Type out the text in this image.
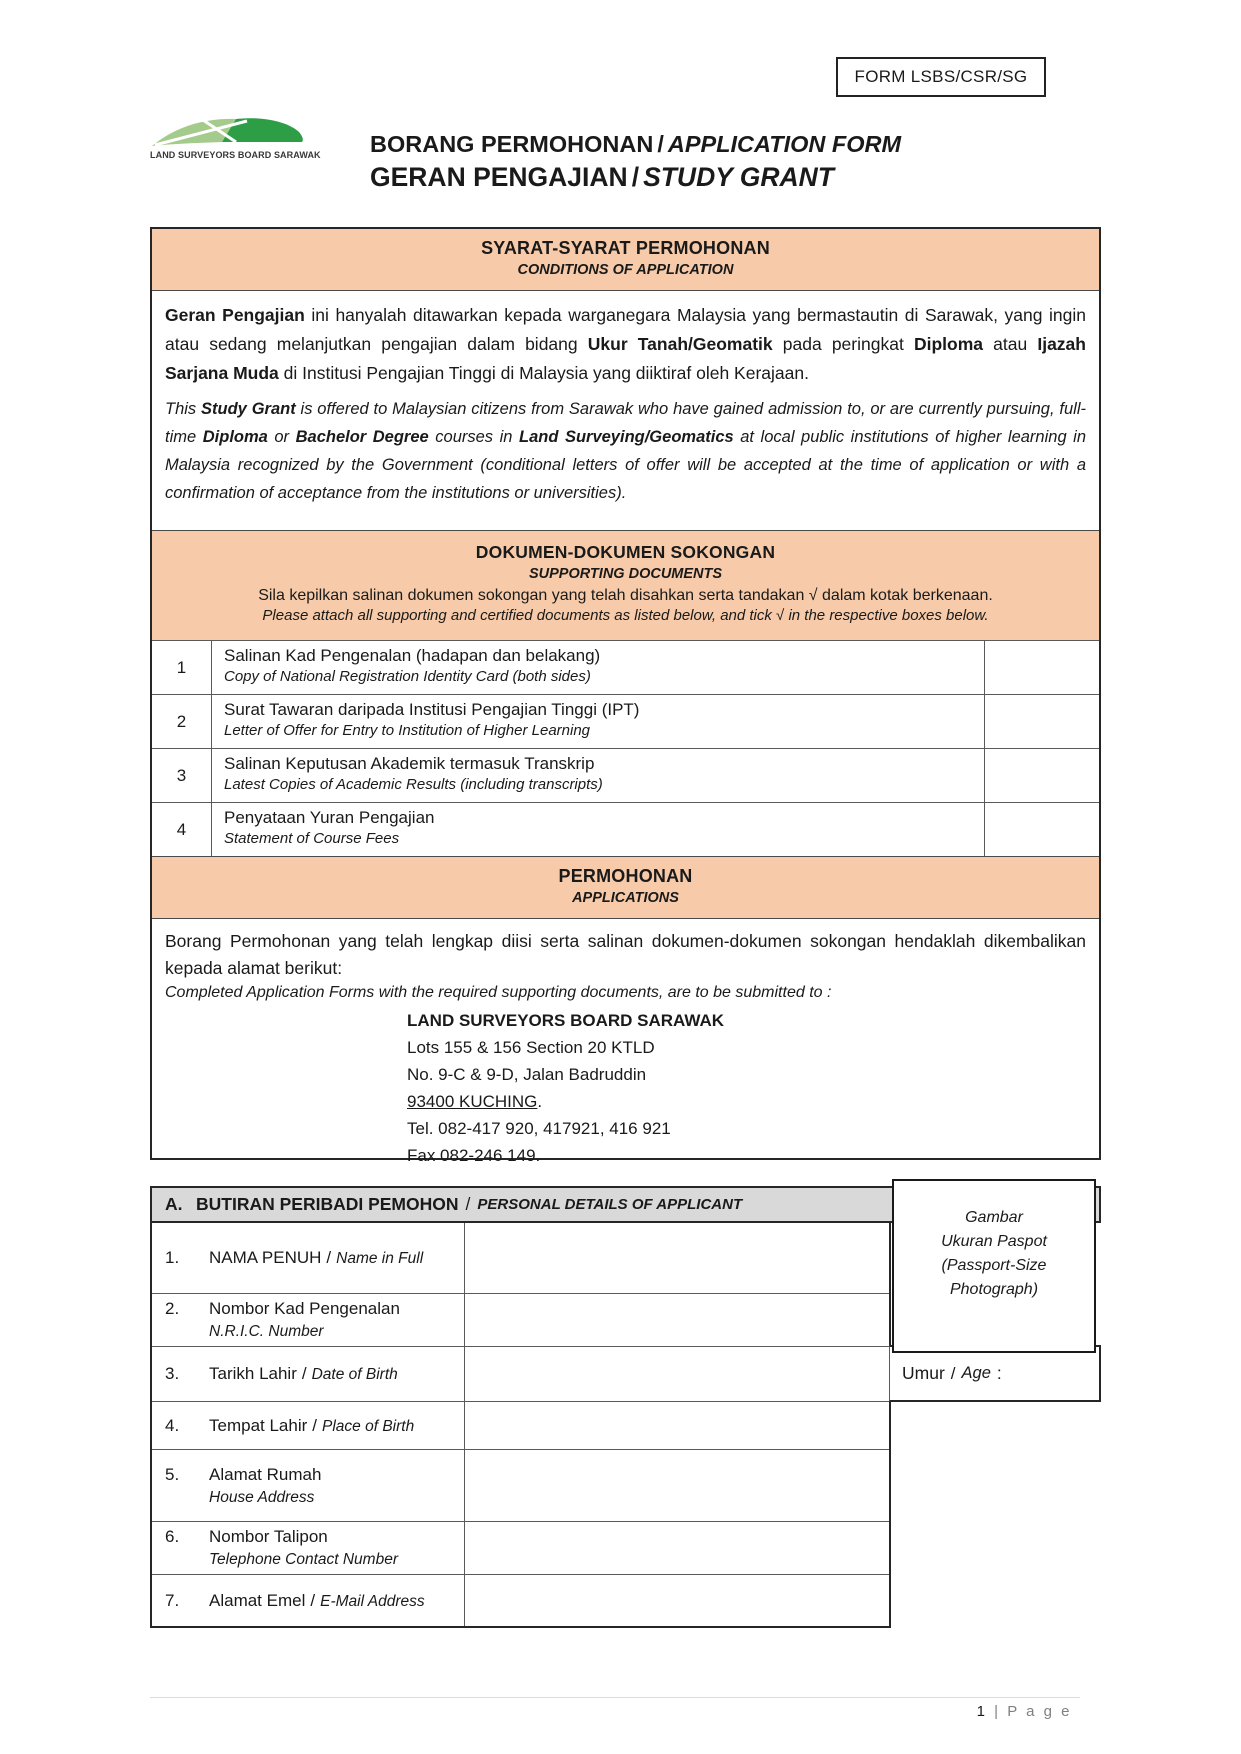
FORM LSBS/CSR/SG
LAND SURVEYORS BOARD SARAWAK BORANG PERMOHONAN / APPLICATION FORM
GERAN PENGAJIAN / STUDY GRANT
SYARAT-SYARAT PERMOHONAN
CONDITIONS OF APPLICATION

Geran Pengajian ini hanyalah ditawarkan kepada warganegara Malaysia yang bermastautin di Sarawak, yang ingin atau sedang melanjutkan pengajian dalam bidang Ukur Tanah/Geomatik pada peringkat Diploma atau Ijazah Sarjana Muda di Institusi Pengajian Tinggi di Malaysia yang diiktiraf oleh Kerajaan.

This Study Grant is offered to Malaysian citizens from Sarawak who have gained admission to, or are currently pursuing, full-time Diploma or Bachelor Degree courses in Land Surveying/Geomatics at local public institutions of higher learning in Malaysia recognized by the Government (conditional letters of offer will be accepted at the time of application or with a confirmation of acceptance from the institutions or universities).

DOKUMEN-DOKUMEN SOKONGAN
SUPPORTING DOCUMENTS
Sila kepilkan salinan dokumen sokongan yang telah disahkan serta tandakan √ dalam kotak berkenaan.
Please attach all supporting and certified documents as listed below, and tick √ in the respective boxes below.
1
Salinan Kad Pengenalan (hadapan dan belakang)
Copy of National Registration Identity Card (both sides)
2
Surat Tawaran daripada Institusi Pengajian Tinggi (IPT)
Letter of Offer for Entry to Institution of Higher Learning
3
Salinan Keputusan Akademik termasuk Transkrip
Latest Copies of Academic Results (including transcripts)
4
Penyataan Yuran Pengajian
Statement of Course Fees
PERMOHONAN
APPLICATIONS

Borang Permohonan yang telah lengkap diisi serta salinan dokumen-dokumen sokongan hendaklah dikembalikan kepada alamat berikut:

Completed Application Forms with the required supporting documents, are to be submitted to :

LAND SURVEYORS BOARD SARAWAK
Lots 155 & 156 Section 20 KTLD
No. 9-C & 9-D, Jalan Badruddin
93400 KUCHING.
Tel. 082-417 920, 417921, 416 921
Fax 082-246 149.
A. BUTIRAN PERIBADI PEMOHON / PERSONAL DETAILS OF APPLICANT
1.	NAMA PENUH / Name in Full
2.	Nombor Kad Pengenalan
N.R.I.C. Number
3.	Tarikh Lahir / Date of Birth
4.	Tempat Lahir / Place of Birth
5.	Alamat Rumah
House Address
6.	Nombor Talipon
Telephone Contact Number
7.	Alamat Emel / E-Mail Address
Umur / Age :
Gambar
Ukuran Paspot
(Passport-Size
Photograph)
1 | P a g e
